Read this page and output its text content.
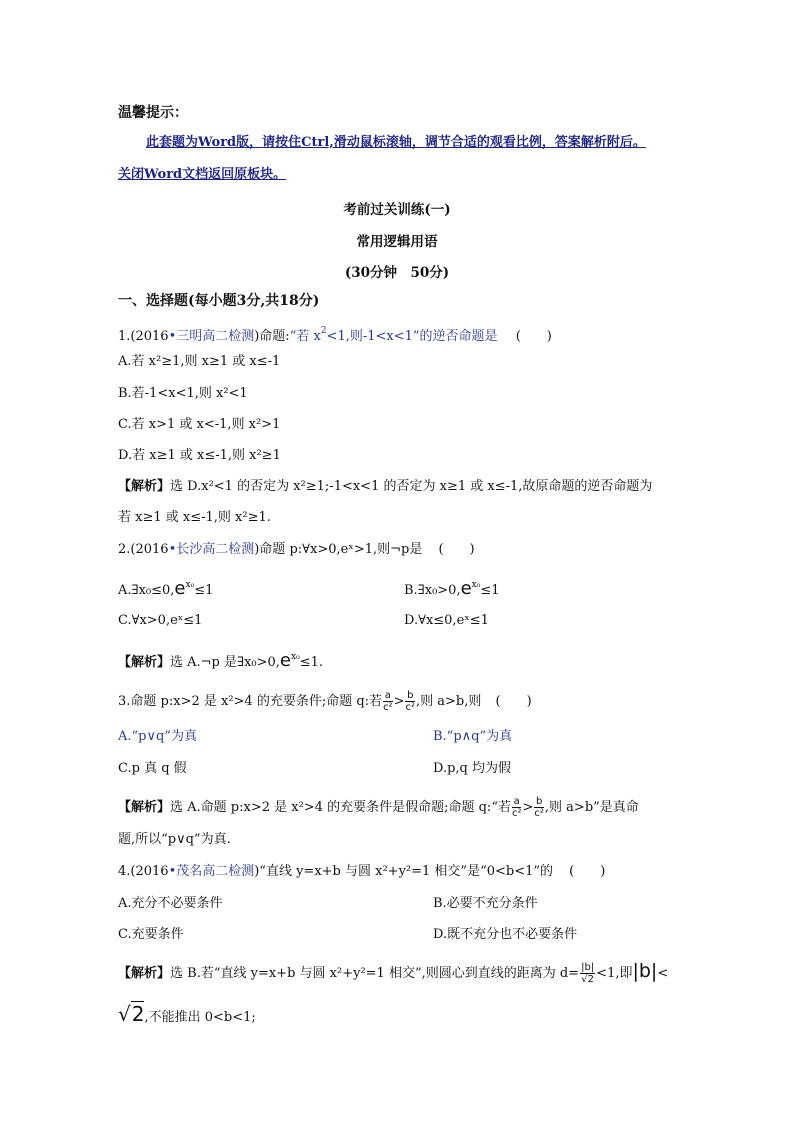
温馨提示：
此套题为Word版，请按住Ctrl,滑动鼠标滚轴，调节合适的观看比例，答案解析附后。
关闭Word文档返回原板块。
考前过关训练(一)
常用逻辑用语
(30分钟　50分)
一、选择题(每小题3分,共18分)
1.(2016•三明高二检测)命题:“若 $x^2<1$,则-1<x<1”的逆否命题是 (　　)
A.若 x²≥1,则 x≥1 或 x≤-1
B.若-1<x<1,则 x²<1
C.若 x>1 或 x<-1,则 x²>1
D.若 x≥1 或 x≤-1,则 x²≥1
【解析】选 D.x²<1 的否定为 x²≥1;-1<x<1 的否定为 x≥1 或 x≤-1,故原命题的逆否命题为
若 x≥1 或 x≤-1,则 x²≥1.
2.(2016•长沙高二检测)命题 p:∀x>0,eˣ>1,则¬p是 (　　)
$A.\exists x_0\le 0,e^{x_0}\le 1$	$B.\exists x_0>0,e^{x_0}\le 1$
C.∀x>0,eˣ≤1	D.∀x≤0,eˣ≤1
【解析】选 A.¬p 是$\exists x_0>0,e^{x_0}\le 1$.
3.命题 p:x>2 是 x²>4 的充要条件;命题 q:若 $\frac{a}{\text{c²}} > \frac{b}{\text{c²}}$ ,则 a>b,则 (　　)
A.“p∨q”为真	B.“p∧q”为真
C.p 真 q 假	D.p,q 均为假
【解析】选 A.命题 p:x>2 是 x²>4 的充要条件是假命题;命题 q:“若 $\frac{a}{\text{c²}} > \frac{b}{\text{c²}}$ ,则 a>b”是真命
题,所以“p∨q”为真.
4.(2016•茂名高二检测)“直线 y=x+b 与圆 x²+y²=1 相交”是“0<b<1”的 (　　)
A.充分不必要条件	B.必要不充分条件
C.充要条件	D.既不充分也不必要条件
【解析】选 B.若“直线 y=x+b 与圆 x²+y²=1 相交”,则圆心到直线的距离为 $d= \frac{|b|}{√2} <1$,即|b|<
√2,不能推出 0<b<1;
